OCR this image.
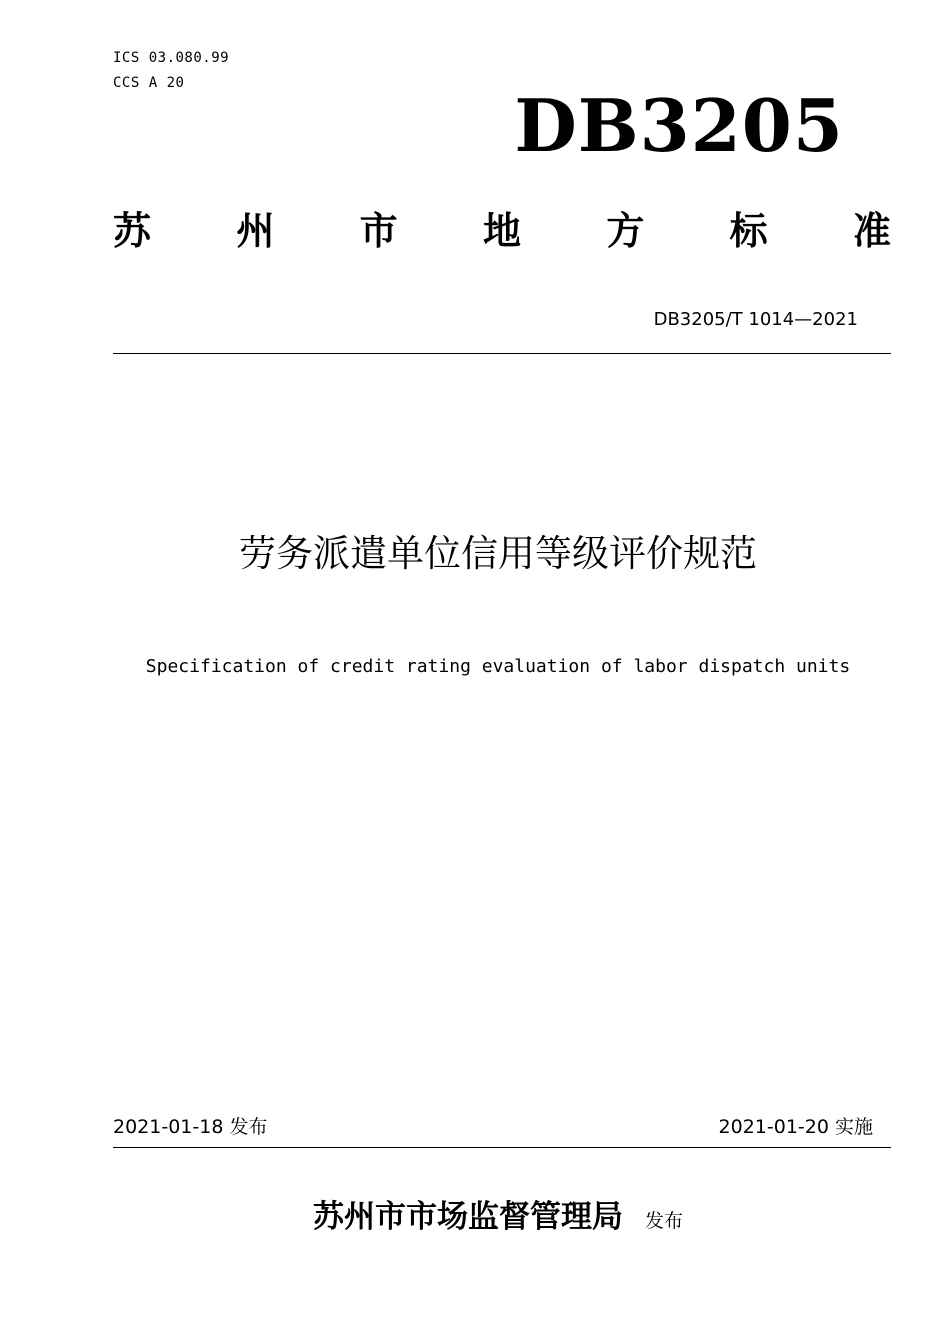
ICS 03.080.99
CCS A 20	DB3205
苏 州 市 地 方 标 准
DB3205/T 1014—2021
劳务派遣单位信用等级评价规范
Specification of credit rating evaluation of labor dispatch units
2021-01-18 发布	2021-01-20 实施
苏州市市场监督管理局 发布
